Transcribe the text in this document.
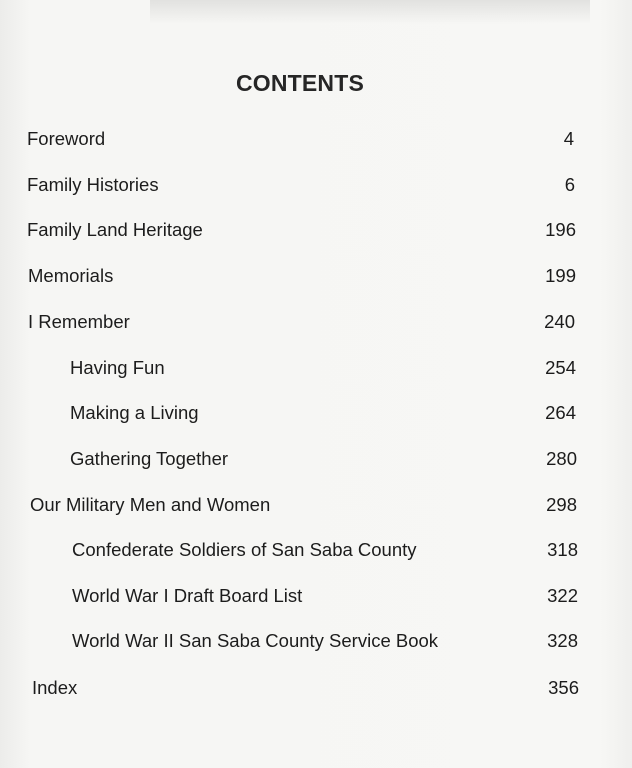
CONTENTS
Foreword	4
Family Histories	6
Family Land Heritage	196
Memorials	199
I Remember	240
Having Fun	254
Making a Living	264
Gathering Together	280
Our Military Men and Women	298
Confederate Soldiers of San Saba County	318
World War I Draft Board List	322
World War II San Saba County Service Book	328
Index	356
